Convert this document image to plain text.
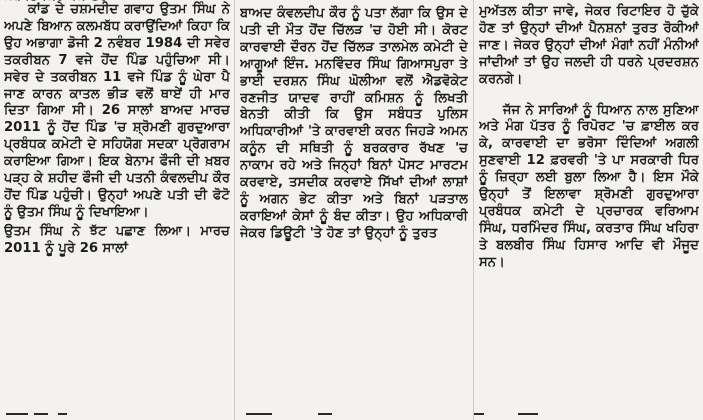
ਕਾਂਡ ਦੇ ਚਸ਼ਮਦੀਦ ਗਵਾਹ ਉਤਮ ਸਿੰਘ ਨੇ ਅਪਣੇ ਬਿਆਨ ਕਲਮਬੱਧ ਕਰਾਉਂਦਿਆਂ ਕਿਹਾ ਕਿ ਉਹ ਅਭਾਗਾ ਡੋਜੀ 2 ਨਵੰਬਰ 1984 ਦੀ ਸਵੇਰ ਤਕਰੀਬਨ 7 ਵਜੇ ਹੋਂਦ ਪਿੰਡ ਪਹੁੰਚਿਆ ਸੀ। ਸਵੇਰ ਦੇ ਤਕਰੀਬਨ 11 ਵਜੇ ਪਿੰਡ ਨੂੰ ਘੇਰਾ ਪੈ ਜਾਣ ਕਾਰਨ ਕਾਤਲ ਭੀੜ ਵਲੋਂ ਥਾਏਂ ਹੀ ਮਾਰ ਦਿਤਾ ਗਿਆ ਸੀ। 26 ਸਾਲਾਂ ਬਾਅਦ ਮਾਰਚ 2011 ਨੂੰ ਹੋਂਦ ਪਿੰਡ 'ਚ ਸ਼੍ਰੋਮਣੀ ਗੁਰਦੁਆਰਾ ਪ੍ਰਬੰਧਕ ਕਮੇਟੀ ਦੇ ਸਹਿਯੋਗ ਸਦਕਾ ਪ੍ਰੋਗਰਾਮ ਕਰਾਇਆ ਗਿਆ। ਇਕ ਬੇਨਾਮ ਫੌਜੀ ਦੀ ਖ਼ਬਰ ਪੜ੍ਹ ਕੇ ਸ਼ਹੀਦ ਫੌਜੀ ਦੀ ਪਤਨੀ ਕੰਵਲਦੀਪ ਕੌਰ ਹੋਂਦ ਪਿੰਡ ਪਹੁੰਚੀ। ਉਨ੍ਹਾਂ ਅਪਣੇ ਪਤੀ ਦੀ ਫੋਟੋ ਨੂੰ ਉਤਮ ਸਿੰਘ ਨੂੰ ਦਿਖਾਇਆ।

ਉਤਮ ਸਿੰਘ ਨੇ ਝੱਟ ਪਛਾਣ ਲਿਆ। ਮਾਰਚ 2011 ਨੂੰ ਪੂਰੇ 26 ਸਾਲਾਂ

ਬਾਅਦ ਕੰਵਲਦੀਪ ਕੌਰ ਨੂੰ ਪਤਾ ਲੱਗਾ ਕਿ ਉਸ ਦੇ ਪਤੀ ਦੀ ਮੌਤ ਹੋਂਦ ਚਿੱਲੜ 'ਚ ਹੋਈ ਸੀ। ਕੋਰਟ ਕਾਰਵਾਈ ਦੌਰਨ ਹੋਂਦ ਚਿੱਲੜ ਤਾਲਮੇਲ ਕਮੇਟੀ ਦੇ ਆਗੂਆਂ ਇੰਜ. ਮਨਵਿੰਦਰ ਸਿੰਘ ਗਿਆਸਪੁਰਾ ਤੇ ਭਾਈ ਦਰਸ਼ਨ ਸਿੰਘ ਘੋਲੀਆ ਵਲੋਂ ਐਡਵੋਕੇਟ ਰਣਜੀਤ ਯਾਦਵ ਰਾਹੀਂ ਕਮਿਸ਼ਨ ਨੂੰ ਲਿਖਤੀ ਬੇਨਤੀ ਕੀਤੀ ਕਿ ਉਸ ਸਬੰਧਤ ਪੁਲਿਸ ਅਧਿਕਾਰੀਆਂ 'ਤੇ ਕਾਰਵਾਈ ਕਰਨ ਜਿਹੜੇ ਅਮਨ ਕਨੂੰਨ ਦੀ ਸਥਿਤੀ ਨੂੰ ਬਰਕਰਾਰ ਰੱਖਣ 'ਚ ਨਾਕਾਮ ਰਹੇ ਅਤੇ ਜਿਨ੍ਹਾਂ ਬਿਨਾਂ ਪੋਸਟ ਮਾਰਟਮ ਕਰਵਾਏ, ਤਸਦੀਕ ਕਰਵਾਏ ਸਿੱਖਾਂ ਦੀਆਂ ਲਾਸ਼ਾਂ ਨੂੰ ਅਗਨ ਭੇਟ ਕੀਤਾ ਅਤੇ ਬਿਨਾਂ ਪੜਤਾਲ ਕਰਾਇਆਂ ਕੇਸਾਂ ਨੂੰ ਬੰਦ ਕੀਤਾ। ਉਹ ਅਧਿਕਾਰੀ ਜੇਕਰ ਡਿਊਟੀ 'ਤੇ ਹੋਣ ਤਾਂ ਉਨ੍ਹਾਂ ਨੂੰ ਤੁਰਤ

ਮੁਅੱਤਲ ਕੀਤਾ ਜਾਵੇ, ਜੇਕਰ ਰਿਟਾਇਰ ਹੋ ਚੁੱਕੇ ਹੋਣ ਤਾਂ ਉਨ੍ਹਾਂ ਦੀਆਂ ਪੈਨਸ਼ਨਾਂ ਤੁਰਤ ਰੋਕੀਆਂ ਜਾਣ। ਜੇਕਰ ਉਨ੍ਹਾਂ ਦੀਆਂ ਮੰਗਾਂ ਨਹੀਂ ਮੰਨੀਆਂ ਜਾਂਦੀਆਂ ਤਾਂ ਉਹ ਜਲਦੀ ਹੀ ਧਰਨੇ ਪ੍ਰਦਰਸ਼ਨ ਕਰਨਗੇ।

ਜੱਜ ਨੇ ਸਾਰਿਆਂ ਨੂੰ ਧਿਆਨ ਨਾਲ ਸੁਣਿਆ ਅਤੇ ਮੰਗ ਪੱਤਰ ਨੂੰ ਰਿਪੋਰਟ 'ਚ ਫ਼ਾਈਲ ਕਰ ਕੇ, ਕਾਰਵਾਈ ਦਾ ਭਰੋਸਾ ਦਿੰਦਿਆਂ ਅਗਲੀ ਸੁਣਵਾਈ 12 ਫ਼ਰਵਰੀ 'ਤੇ ਪਾ ਸਰਕਾਰੀ ਧਿਰ ਨੂੰ ਜ਼ਿਰ੍ਹਾ ਲਈ ਬੁਲਾ ਲਿਆ ਹੈ। ਇਸ ਮੌਕੇ ਉਨ੍ਹਾਂ ਤੋਂ ਇਲਾਵਾ ਸ਼੍ਰੋਮਣੀ ਗੁਰਦੁਆਰਾ ਪ੍ਰਬੰਧਕ ਕਮੇਟੀ ਦੇ ਪ੍ਰਚਾਰਕ ਵਰਿਆਮ ਸਿੰਘ, ਧਰਮਿੰਦਰ ਸਿੰਘ, ਕਰਤਾਰ ਸਿੰਘ ਖਹਿਰਾ ਤੇ ਬਲਬੀਰ ਸਿੰਘ ਹਿਸਾਰ ਆਦਿ ਵੀ ਮੌਜੂਦ ਸਨ।
